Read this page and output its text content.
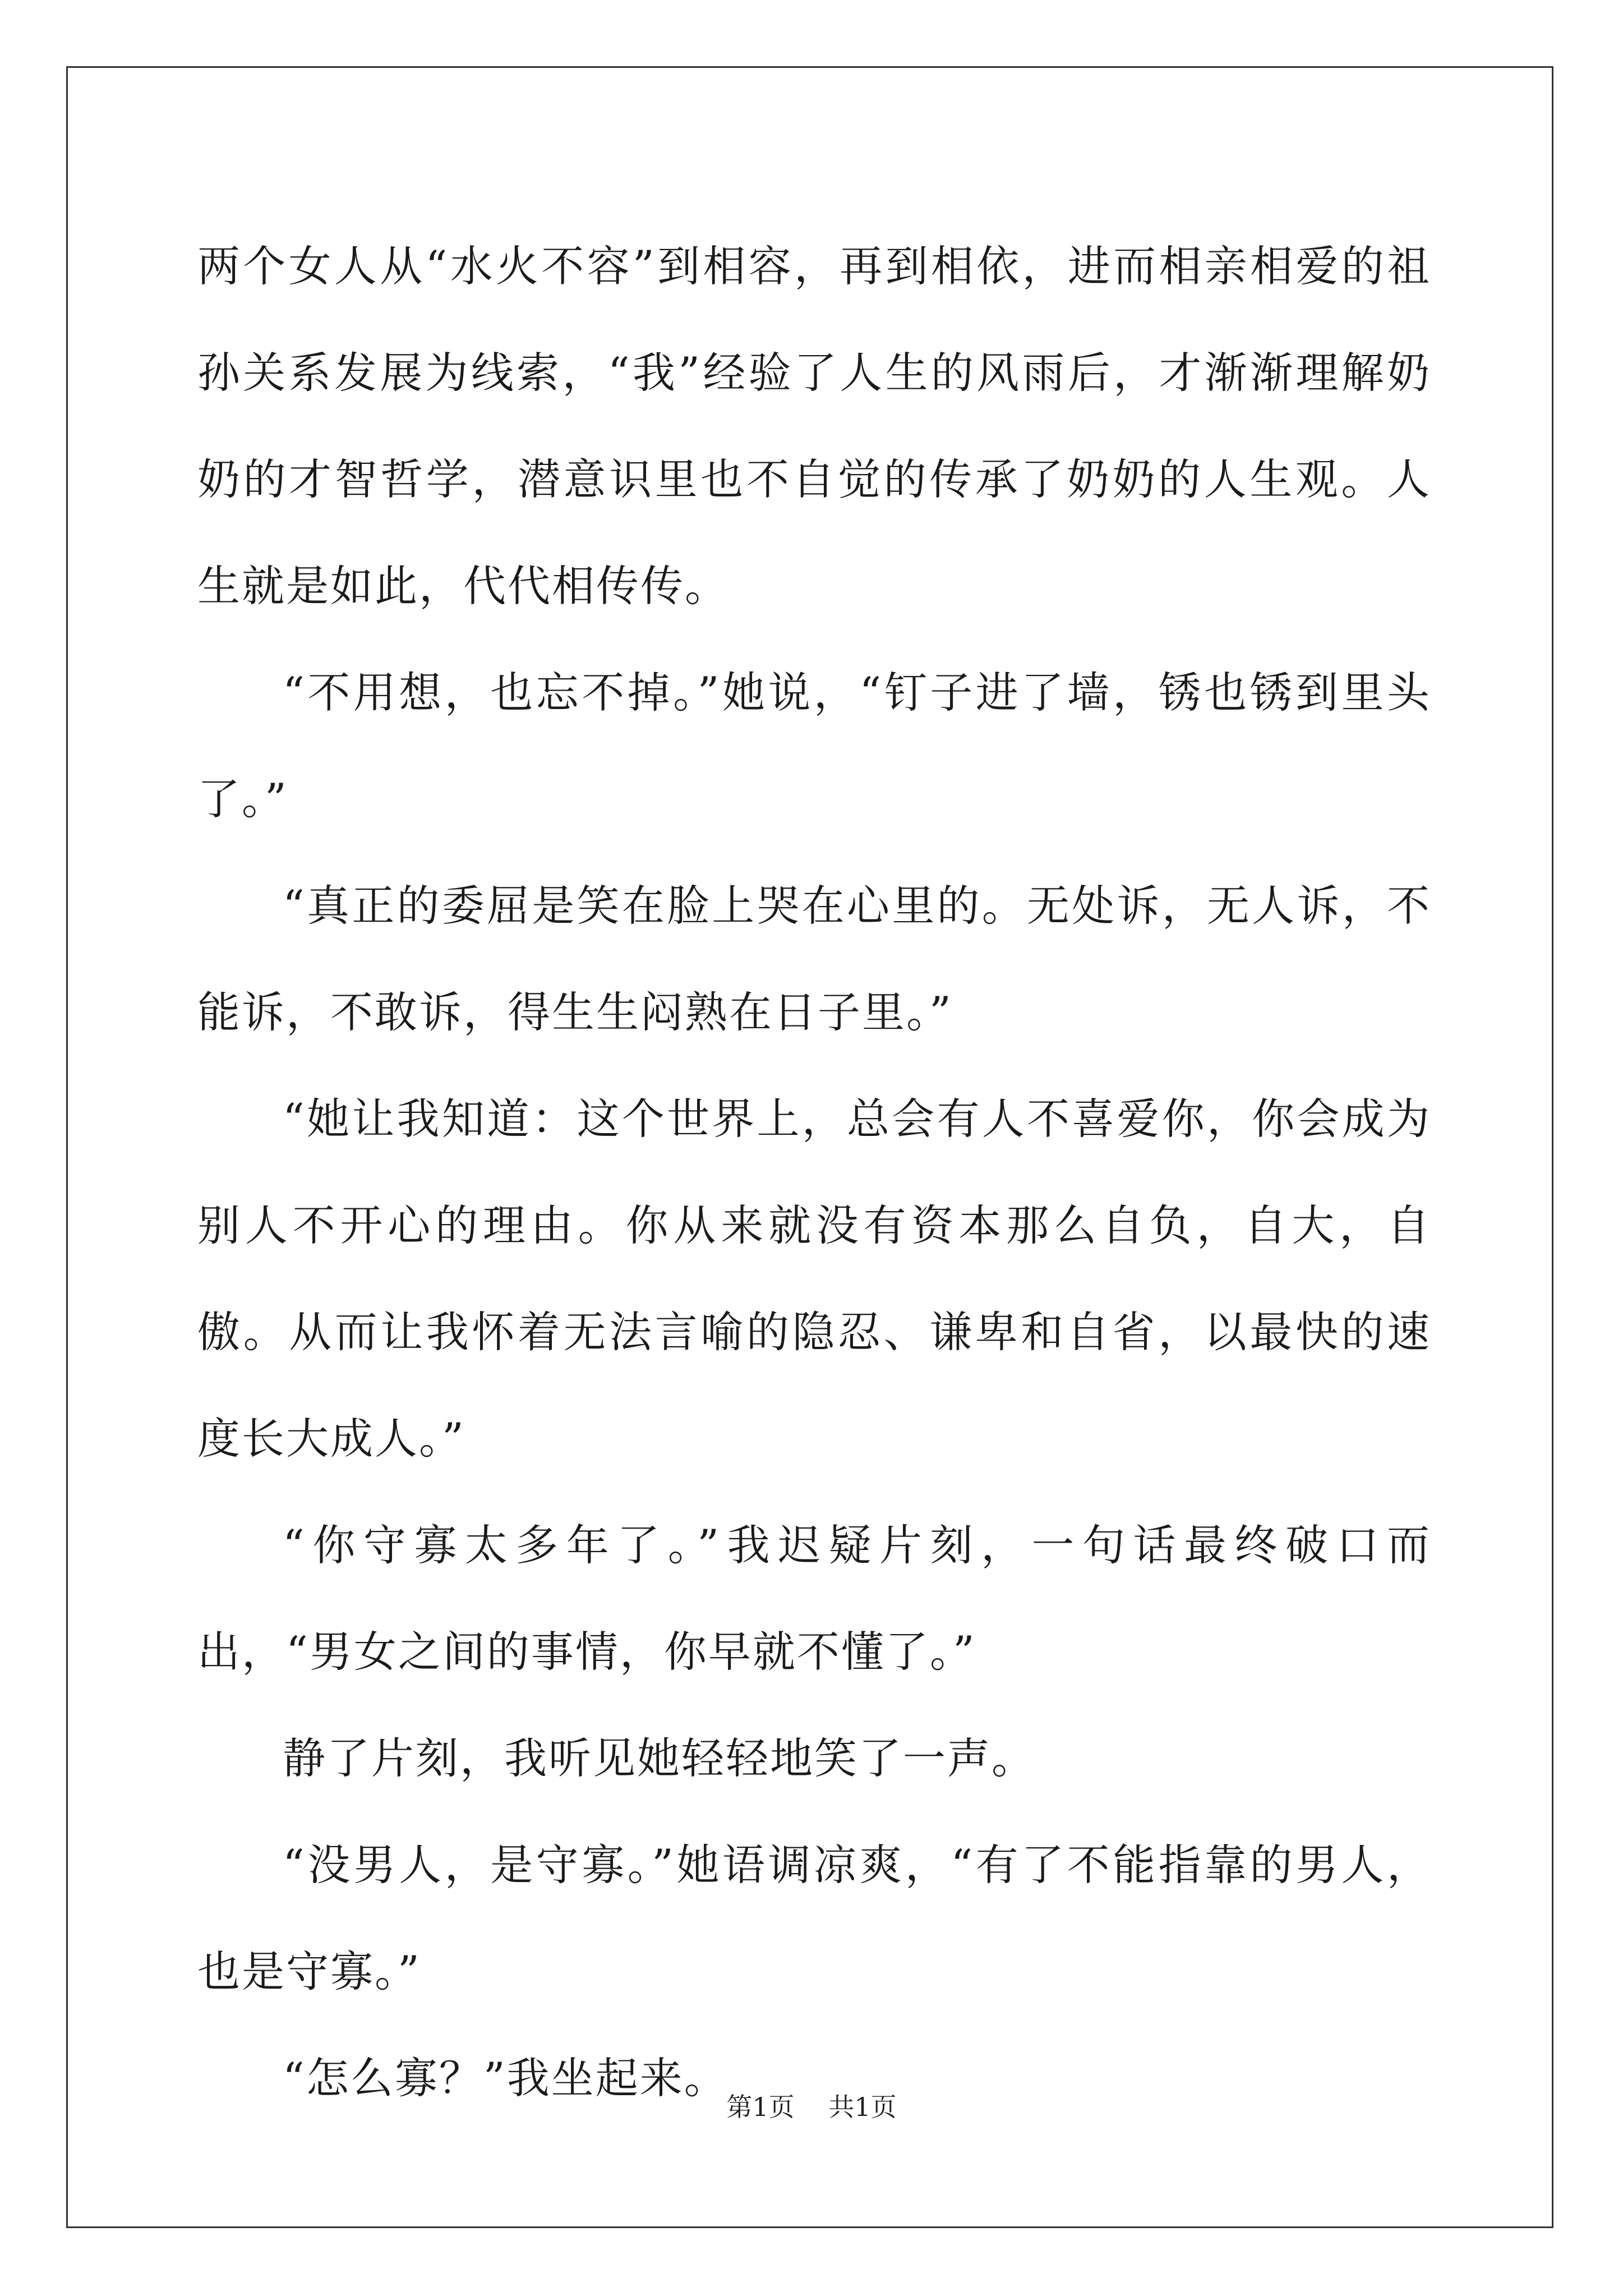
两个女人从“水火不容”到相容，再到相依，进而相亲相爱的祖孙关系发展为线索，“我”经验了人生的风雨后，才渐渐理解奶奶的才智哲学，潜意识里也不自觉的传承了奶奶的人生观。人生就是如此，代代相传传。

“不用想，也忘不掉。”她说，“钉子进了墙，锈也锈到里头了。”

“真正的委屈是笑在脸上哭在心里的。无处诉，无人诉，不能诉，不敢诉，得生生闷熟在日子里。”

“她让我知道：这个世界上，总会有人不喜爱你，你会成为别人不开心的理由。你从来就没有资本那么自负，自大，自傲。从而让我怀着无法言喻的隐忍、谦卑和自省，以最快的速度长大成人。”

“你守寡太多年了。”我迟疑片刻，一句话最终破口而出，“男女之间的事情，你早就不懂了。”

静了片刻，我听见她轻轻地笑了一声。

“没男人，是守寡。”她语调凉爽，“有了不能指靠的男人，也是守寡。”

“怎么寡？”我坐起来。

第1页 共1页
